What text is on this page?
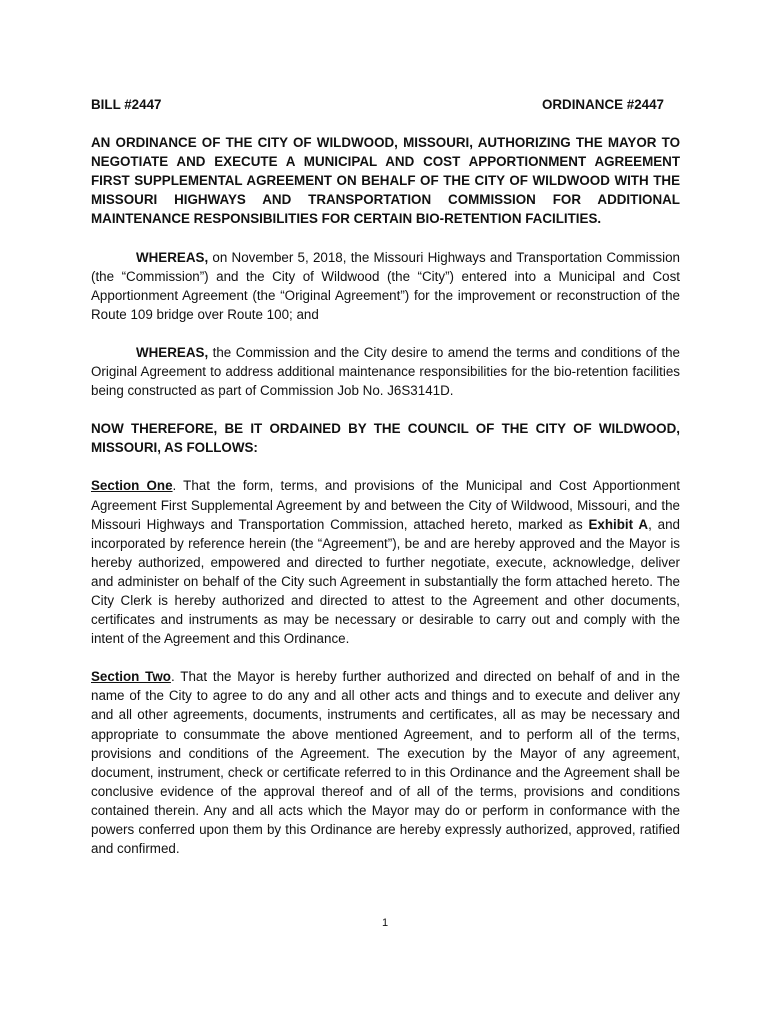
BILL #2447	ORDINANCE #2447
AN ORDINANCE OF THE CITY OF WILDWOOD, MISSOURI, AUTHORIZING THE MAYOR TO NEGOTIATE AND EXECUTE A MUNICIPAL AND COST APPORTIONMENT AGREEMENT FIRST SUPPLEMENTAL AGREEMENT ON BEHALF OF THE CITY OF WILDWOOD WITH THE MISSOURI HIGHWAYS AND TRANSPORTATION COMMISSION FOR ADDITIONAL MAINTENANCE RESPONSIBILITIES FOR CERTAIN BIO-RETENTION FACILITIES.
WHEREAS, on November 5, 2018, the Missouri Highways and Transportation Commission (the “Commission”) and the City of Wildwood (the “City”) entered into a Municipal and Cost Apportionment Agreement (the “Original Agreement”) for the improvement or reconstruction of the Route 109 bridge over Route 100; and
WHEREAS, the Commission and the City desire to amend the terms and conditions of the Original Agreement to address additional maintenance responsibilities for the bio-retention facilities being constructed as part of Commission Job No. J6S3141D.
NOW THEREFORE, BE IT ORDAINED BY THE COUNCIL OF THE CITY OF WILDWOOD, MISSOURI, AS FOLLOWS:
Section One. That the form, terms, and provisions of the Municipal and Cost Apportionment Agreement First Supplemental Agreement by and between the City of Wildwood, Missouri, and the Missouri Highways and Transportation Commission, attached hereto, marked as Exhibit A, and incorporated by reference herein (the “Agreement”), be and are hereby approved and the Mayor is hereby authorized, empowered and directed to further negotiate, execute, acknowledge, deliver and administer on behalf of the City such Agreement in substantially the form attached hereto. The City Clerk is hereby authorized and directed to attest to the Agreement and other documents, certificates and instruments as may be necessary or desirable to carry out and comply with the intent of the Agreement and this Ordinance.
Section Two. That the Mayor is hereby further authorized and directed on behalf of and in the name of the City to agree to do any and all other acts and things and to execute and deliver any and all other agreements, documents, instruments and certificates, all as may be necessary and appropriate to consummate the above mentioned Agreement, and to perform all of the terms, provisions and conditions of the Agreement. The execution by the Mayor of any agreement, document, instrument, check or certificate referred to in this Ordinance and the Agreement shall be conclusive evidence of the approval thereof and of all of the terms, provisions and conditions contained therein. Any and all acts which the Mayor may do or perform in conformance with the powers conferred upon them by this Ordinance are hereby expressly authorized, approved, ratified and confirmed.
1
